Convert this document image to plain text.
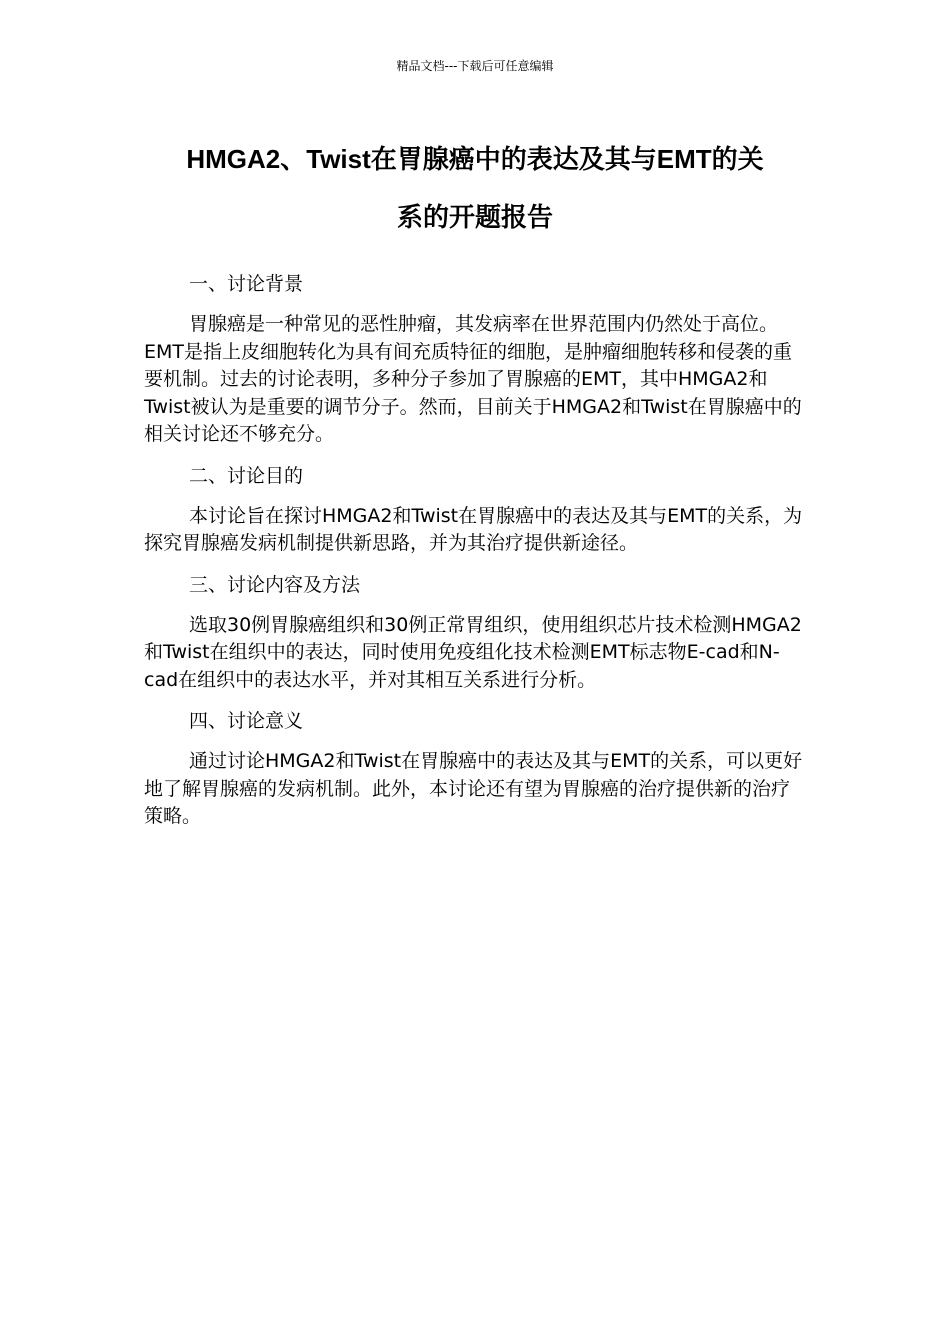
精品文档---下载后可任意编辑
HMGA2、Twist在胃腺癌中的表达及其与EMT的关
系的开题报告
一、讨论背景

胃腺癌是一种常见的恶性肿瘤，其发病率在世界范围内仍然处于高位。EMT是指上皮细胞转化为具有间充质特征的细胞，是肿瘤细胞转移和侵袭的重要机制。过去的讨论表明，多种分子参加了胃腺癌的EMT，其中HMGA2和Twist被认为是重要的调节分子。然而，目前关于HMGA2和Twist在胃腺癌中的相关讨论还不够充分。

二、讨论目的

本讨论旨在探讨HMGA2和Twist在胃腺癌中的表达及其与EMT的关系，为探究胃腺癌发病机制提供新思路，并为其治疗提供新途径。

三、讨论内容及方法

选取30例胃腺癌组织和30例正常胃组织，使用组织芯片技术检测HMGA2和Twist在组织中的表达，同时使用免疫组化技术检测EMT标志物E-cad和N-cad在组织中的表达水平，并对其相互关系进行分析。

四、讨论意义

通过讨论HMGA2和Twist在胃腺癌中的表达及其与EMT的关系，可以更好地了解胃腺癌的发病机制。此外，本讨论还有望为胃腺癌的治疗提供新的治疗策略。
